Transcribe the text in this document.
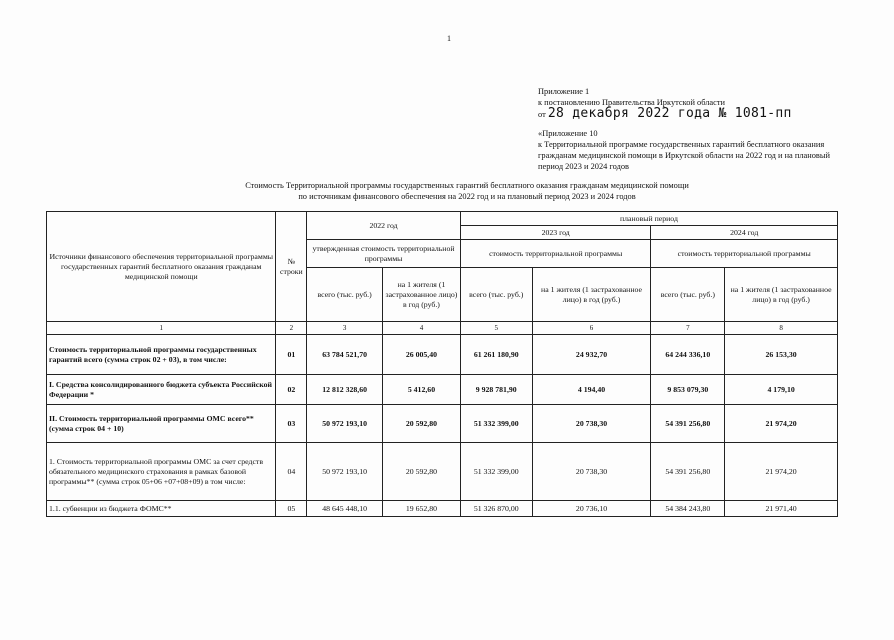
1
Приложение 1
к постановлению Правительства Иркутской области
от 28 декабря 2022 года № 1081-пп
«Приложение 10
к Территориальной программе государственных гарантий бесплатного оказания гражданам медицинской помощи в Иркутской области на 2022 год и на плановый период 2023 и 2024 годов
Стоимость Территориальной программы государственных гарантий бесплатного оказания гражданам медицинской помощи
по источникам финансового обеспечения на 2022 год и на плановый период 2023 и 2024 годов
Источники финансового обеспечения территориальной программы государственных гарантий бесплатного оказания гражданам медицинской помощи	№ строки	2022 год		плановый период			
				2023 год		2024 год	
		утвержденная стоимость территориальной программы		стоимость территориальной программы		стоимость территориальной программы	
		всего (тыс. руб.)	на 1 жителя (1 застрахованное лицо) в год (руб.)	всего (тыс. руб.)	на 1 жителя (1 застрахованное лицо) в год (руб.)	всего (тыс. руб.)	на 1 жителя (1 застрахованное лицо) в год (руб.)
1	2	3	4	5	6	7	8
Стоимость территориальной программы государственных гарантий всего (сумма строк 02 + 03), в том числе:	01	63 784 521,70	26 005,40	61 261 180,90	24 932,70	64 244 336,10	26 153,30
I. Средства консолидированного бюджета субъекта Российской Федерации *	02	12 812 328,60	5 412,60	9 928 781,90	4 194,40	9 853 079,30	4 179,10
II. Стоимость территориальной программы ОМС всего** (сумма строк 04 + 10)	03	50 972 193,10	20 592,80	51 332 399,00	20 738,30	54 391 256,80	21 974,20
1. Стоимость территориальной программы ОМС за счет средств обязательного медицинского страхования в рамках базовой программы** (сумма строк 05+06 +07+08+09) в том числе:	04	50 972 193,10	20 592,80	51 332 399,00	20 738,30	54 391 256,80	21 974,20
1.1. субвенции из бюджета ФОМС**	05	48 645 448,10	19 652,80	51 326 870,00	20 736,10	54 384 243,80	21 971,40
